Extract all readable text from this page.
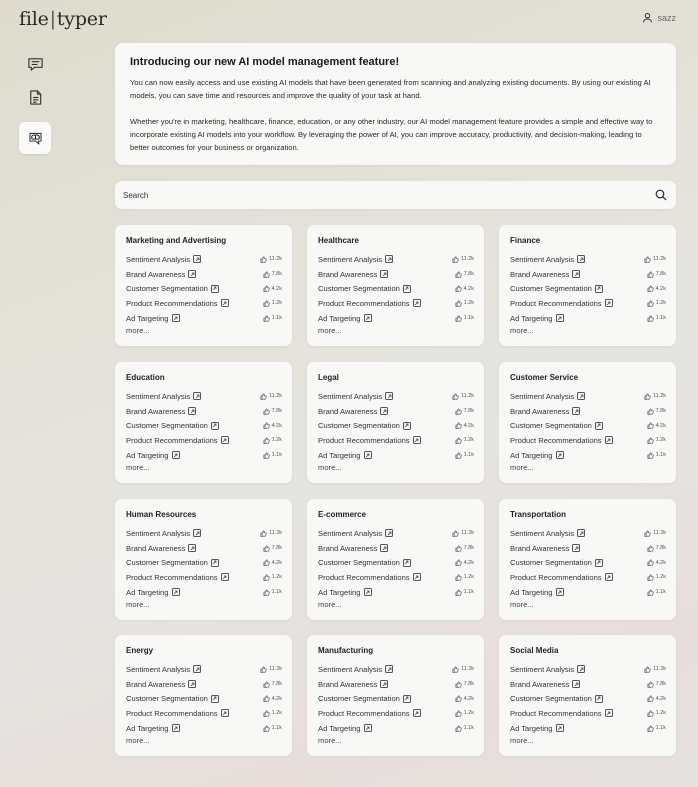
file|typer	sazz
Introducing our new AI model management feature!

You can now easily access and use existing AI models that have been generated from scanning and analyzing existing documents. By using our existing AI models, you can save time and resources and improve the quality of your task at hand.

Whether you're in marketing, healthcare, finance, education, or any other industry, our AI model management feature provides a simple and effective way to incorporate existing AI models into your workflow. By leveraging the power of AI, you can improve accuracy, productivity, and decision-making, leading to better outcomes for your business or organization.

Search
Marketing and Advertising
Sentiment Analysis	11.2k
Brand Awareness	7.8k
Customer Segmentation	4.2k
Product Recommendations	1.2k
Ad Targeting	1.1k
more...
Healthcare
Sentiment Analysis	11.2k
Brand Awareness	7.8k
Customer Segmentation	4.2k
Product Recommendations	1.2k
Ad Targeting	1.1k
more...
Finance
Sentiment Analysis	11.2k
Brand Awareness	7.8k
Customer Segmentation	4.2k
Product Recommendations	1.2k
Ad Targeting	1.1k
more...
Education
Sentiment Analysis	11.2k
Brand Awareness	7.8k
Customer Segmentation	4.2k
Product Recommendations	1.2k
Ad Targeting	1.1k
more...
Legal
Sentiment Analysis	11.2k
Brand Awareness	7.8k
Customer Segmentation	4.2k
Product Recommendations	1.2k
Ad Targeting	1.1k
more...
Customer Service
Sentiment Analysis	11.2k
Brand Awareness	7.8k
Customer Segmentation	4.2k
Product Recommendations	1.2k
Ad Targeting	1.1k
more...
Human Resources
Sentiment Analysis	11.2k
Brand Awareness	7.8k
Customer Segmentation	4.2k
Product Recommendations	1.2k
Ad Targeting	1.1k
more...
E-commerce
Sentiment Analysis	11.2k
Brand Awareness	7.8k
Customer Segmentation	4.2k
Product Recommendations	1.2k
Ad Targeting	1.1k
more...
Transportation
Sentiment Analysis	11.2k
Brand Awareness	7.8k
Customer Segmentation	4.2k
Product Recommendations	1.2k
Ad Targeting	1.1k
more...
Energy
Sentiment Analysis	11.2k
Brand Awareness	7.8k
Customer Segmentation	4.2k
Product Recommendations	1.2k
Ad Targeting	1.1k
more...
Manufacturing
Sentiment Analysis	11.2k
Brand Awareness	7.8k
Customer Segmentation	4.2k
Product Recommendations	1.2k
Ad Targeting	1.1k
more...
Social Media
Sentiment Analysis	11.2k
Brand Awareness	7.8k
Customer Segmentation	4.2k
Product Recommendations	1.2k
Ad Targeting	1.1k
more...
